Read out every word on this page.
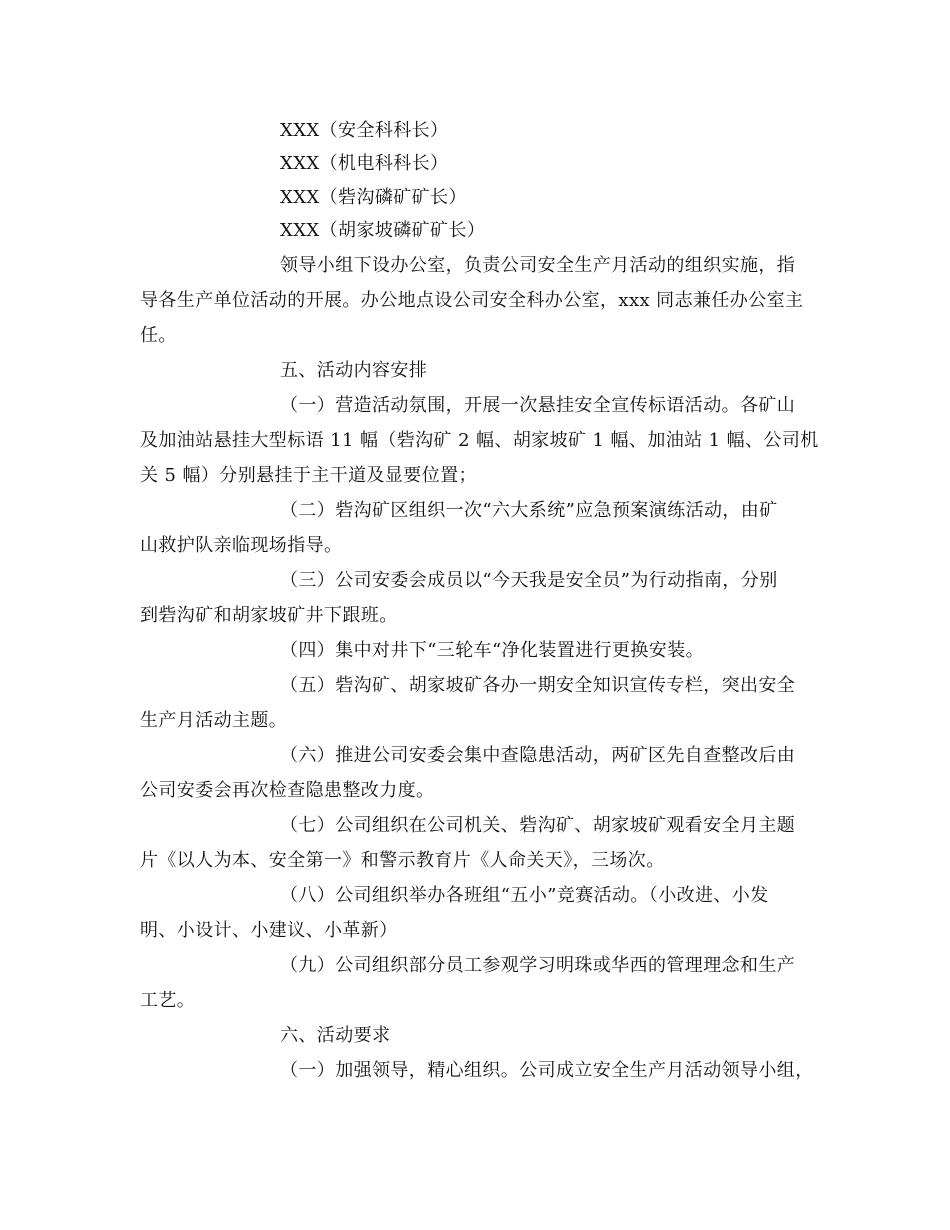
XXX（安全科科长）
XXX（机电科科长）
XXX（砦沟磷矿矿长）
XXX（胡家坡磷矿矿长）
领导小组下设办公室，负责公司安全生产月活动的组织实施，指
导各生产单位活动的开展。办公地点设公司安全科办公室，xxx 同志兼任办公室主
任。
五、活动内容安排
（一）营造活动氛围，开展一次悬挂安全宣传标语活动。各矿山
及加油站悬挂大型标语 11 幅（砦沟矿 2 幅、胡家坡矿 1 幅、加油站 1 幅、公司机
关 5 幅）分别悬挂于主干道及显要位置；
（二）砦沟矿区组织一次“六大系统”应急预案演练活动，由矿
山救护队亲临现场指导。
（三）公司安委会成员以“今天我是安全员”为行动指南，分别
到砦沟矿和胡家坡矿井下跟班。
（四）集中对井下“三轮车“净化装置进行更换安装。
（五）砦沟矿、胡家坡矿各办一期安全知识宣传专栏，突出安全
生产月活动主题。
（六）推进公司安委会集中查隐患活动，两矿区先自查整改后由
公司安委会再次检查隐患整改力度。
（七）公司组织在公司机关、砦沟矿、胡家坡矿观看安全月主题
片《以人为本、安全第一》和警示教育片《人命关天》，三场次。
（八）公司组织举办各班组“五小”竞赛活动。（小改进、小发
明、小设计、小建议、小革新）
（九）公司组织部分员工参观学习明珠或华西的管理理念和生产
工艺。
六、活动要求
（一）加强领导，精心组织。公司成立安全生产月活动领导小组，
